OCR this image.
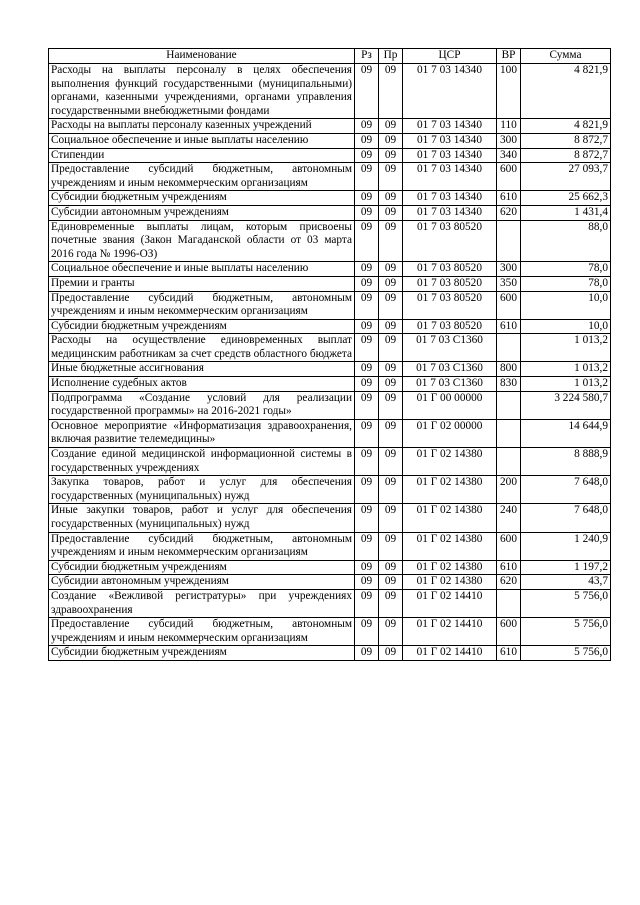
Наименование	Рз	Пр	ЦСР	ВР	Сумма
Расходы на выплаты персоналу в целях обеспечения выполнения функций государственными (муниципальными) органами, казенными учреждениями, органами управления государственными внебюджетными фондами	09	09	01 7 03 14340	100	4 821,9
Расходы на выплаты персоналу казенных учреждений	09	09	01 7 03 14340	110	4 821,9
Социальное обеспечение и иные выплаты населению	09	09	01 7 03 14340	300	8 872,7
Стипендии	09	09	01 7 03 14340	340	8 872,7
Предоставление субсидий бюджетным, автономным учреждениям и иным некоммерческим организациям	09	09	01 7 03 14340	600	27 093,7
Субсидии бюджетным учреждениям	09	09	01 7 03 14340	610	25 662,3
Субсидии автономным учреждениям	09	09	01 7 03 14340	620	1 431,4
Единовременные выплаты лицам, которым присвоены почетные звания (Закон Магаданской области от 03 марта 2016 года № 1996-ОЗ)	09	09	01 7 03 80520		88,0
Социальное обеспечение и иные выплаты населению	09	09	01 7 03 80520	300	78,0
Премии и гранты	09	09	01 7 03 80520	350	78,0
Предоставление субсидий бюджетным, автономным учреждениям и иным некоммерческим организациям	09	09	01 7 03 80520	600	10,0
Субсидии бюджетным учреждениям	09	09	01 7 03 80520	610	10,0
Расходы на осуществление единовременных выплат медицинским работникам за счет средств областного бюджета	09	09	01 7 03 С1360		1 013,2
Иные бюджетные ассигнования	09	09	01 7 03 С1360	800	1 013,2
Исполнение судебных актов	09	09	01 7 03 С1360	830	1 013,2
Подпрограмма «Создание условий для реализации государственной программы» на 2016-2021 годы»	09	09	01 Г 00 00000		3 224 580,7
Основное мероприятие «Информатизация здравоохранения, включая развитие телемедицины»	09	09	01 Г 02 00000		14 644,9
Создание единой медицинской информационной системы в государственных учреждениях	09	09	01 Г 02 14380		8 888,9
Закупка товаров, работ и услуг для обеспечения государственных (муниципальных) нужд	09	09	01 Г 02 14380	200	7 648,0
Иные закупки товаров, работ и услуг для обеспечения государственных (муниципальных) нужд	09	09	01 Г 02 14380	240	7 648,0
Предоставление субсидий бюджетным, автономным учреждениям и иным некоммерческим организациям	09	09	01 Г 02 14380	600	1 240,9
Субсидии бюджетным учреждениям	09	09	01 Г 02 14380	610	1 197,2
Субсидии автономным учреждениям	09	09	01 Г 02 14380	620	43,7
Создание «Вежливой регистратуры» при учреждениях здравоохранения	09	09	01 Г 02 14410		5 756,0
Предоставление субсидий бюджетным, автономным учреждениям и иным некоммерческим организациям	09	09	01 Г 02 14410	600	5 756,0
Субсидии бюджетным учреждениям	09	09	01 Г 02 14410	610	5 756,0
